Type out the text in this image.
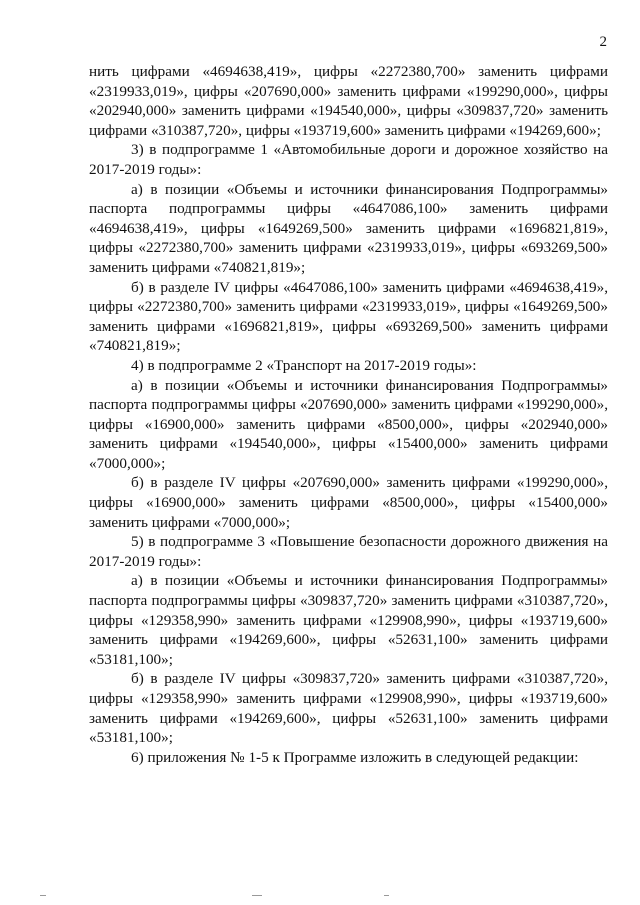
2

нить цифрами «4694638,419», цифры «2272380,700» заменить цифрами «2319933,019», цифры «207690,000» заменить цифрами «199290,000», цифры «202940,000» заменить цифрами «194540,000», цифры «309837,720» заменить цифрами «310387,720», цифры «193719,600» заменить цифрами «194269,600»;

3) в подпрограмме 1 «Автомобильные дороги и дорожное хозяйство на 2017-2019 годы»:

а) в позиции «Объемы и источники финансирования Подпрограммы» паспорта подпрограммы цифры «4647086,100» заменить цифрами «4694638,419», цифры «1649269,500» заменить цифрами «1696821,819», цифры «2272380,700» заменить цифрами «2319933,019», цифры «693269,500» заменить цифрами «740821,819»;

б) в разделе IV цифры «4647086,100» заменить цифрами «4694638,419», цифры «2272380,700» заменить цифрами «2319933,019», цифры «1649269,500» заменить цифрами «1696821,819», цифры «693269,500» заменить цифрами «740821,819»;

4) в подпрограмме 2 «Транспорт на 2017-2019 годы»:

а) в позиции «Объемы и источники финансирования Подпрограммы» паспорта подпрограммы цифры «207690,000» заменить цифрами «199290,000», цифры «16900,000» заменить цифрами «8500,000», цифры «202940,000» заменить цифрами «194540,000», цифры «15400,000» заменить цифрами «7000,000»;

б) в разделе IV цифры «207690,000» заменить цифрами «199290,000», цифры «16900,000» заменить цифрами «8500,000», цифры «15400,000» заменить цифрами «7000,000»;

5) в подпрограмме 3 «Повышение безопасности дорожного движения на 2017-2019 годы»:

а) в позиции «Объемы и источники финансирования Подпрограммы» паспорта подпрограммы цифры «309837,720» заменить цифрами «310387,720», цифры «129358,990» заменить цифрами «129908,990», цифры «193719,600» заменить цифрами «194269,600», цифры «52631,100» заменить цифрами «53181,100»;

б) в разделе IV цифры «309837,720» заменить цифрами «310387,720», цифры «129358,990» заменить цифрами «129908,990», цифры «193719,600» заменить цифрами «194269,600», цифры «52631,100» заменить цифрами «53181,100»;

6) приложения № 1-5 к Программе изложить в следующей редакции:
